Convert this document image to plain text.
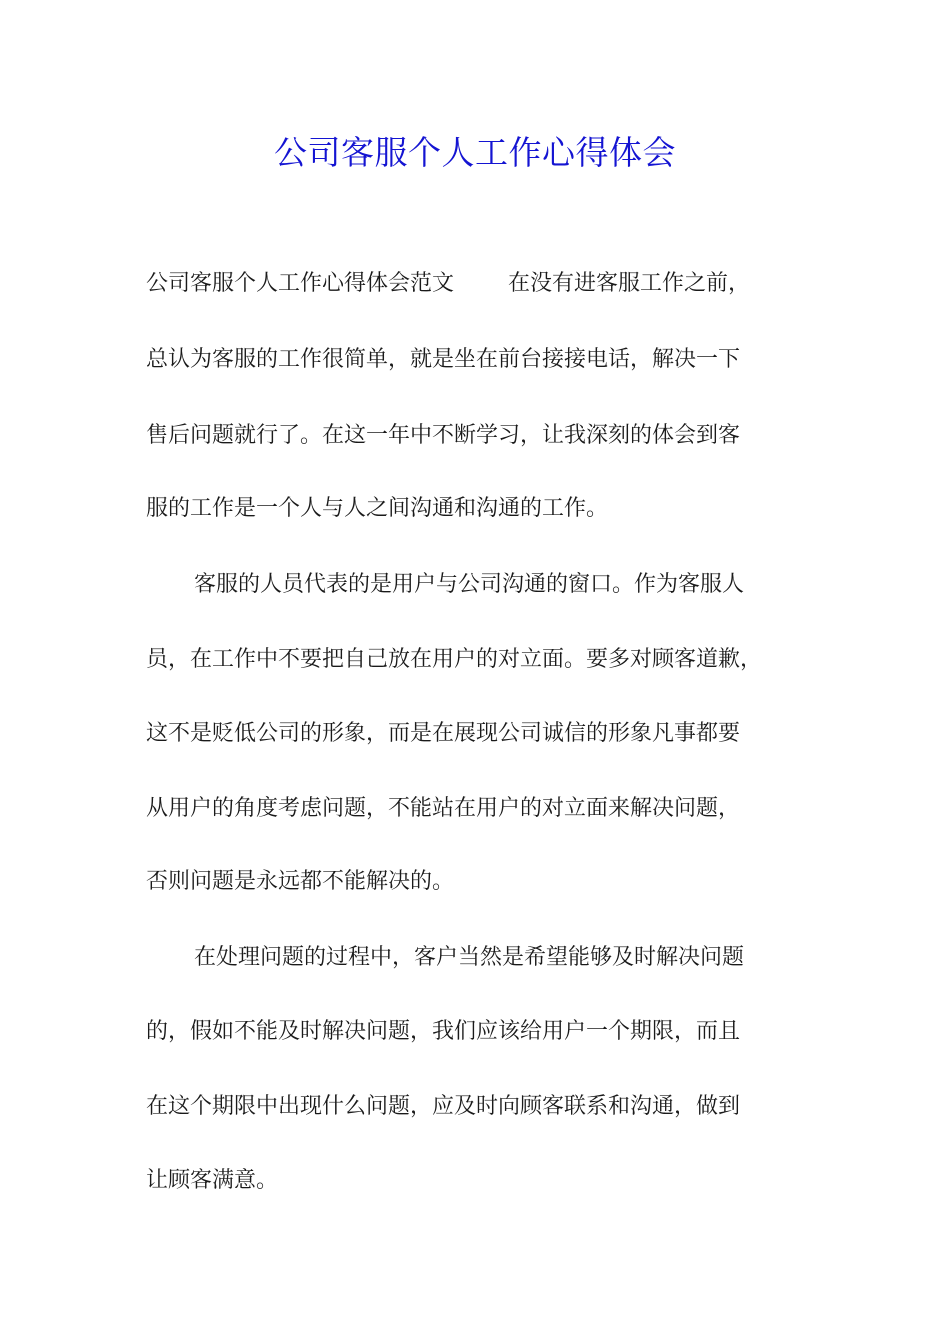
公司客服个人工作心得体会
公司客服个人工作心得体会范文 在没有进客服工作之前，
总认为客服的工作很简单，就是坐在前台接接电话，解决一下
售后问题就行了。在这一年中不断学习，让我深刻的体会到客
服的工作是一个人与人之间沟通和沟通的工作。
客服的人员代表的是用户与公司沟通的窗口。作为客服人
员，在工作中不要把自己放在用户的对立面。要多对顾客道歉，
这不是贬低公司的形象，而是在展现公司诚信的形象凡事都要
从用户的角度考虑问题，不能站在用户的对立面来解决问题，
否则问题是永远都不能解决的。
在处理问题的过程中，客户当然是希望能够及时解决问题
的，假如不能及时解决问题，我们应该给用户一个期限，而且
在这个期限中出现什么问题，应及时向顾客联系和沟通，做到
让顾客满意。
